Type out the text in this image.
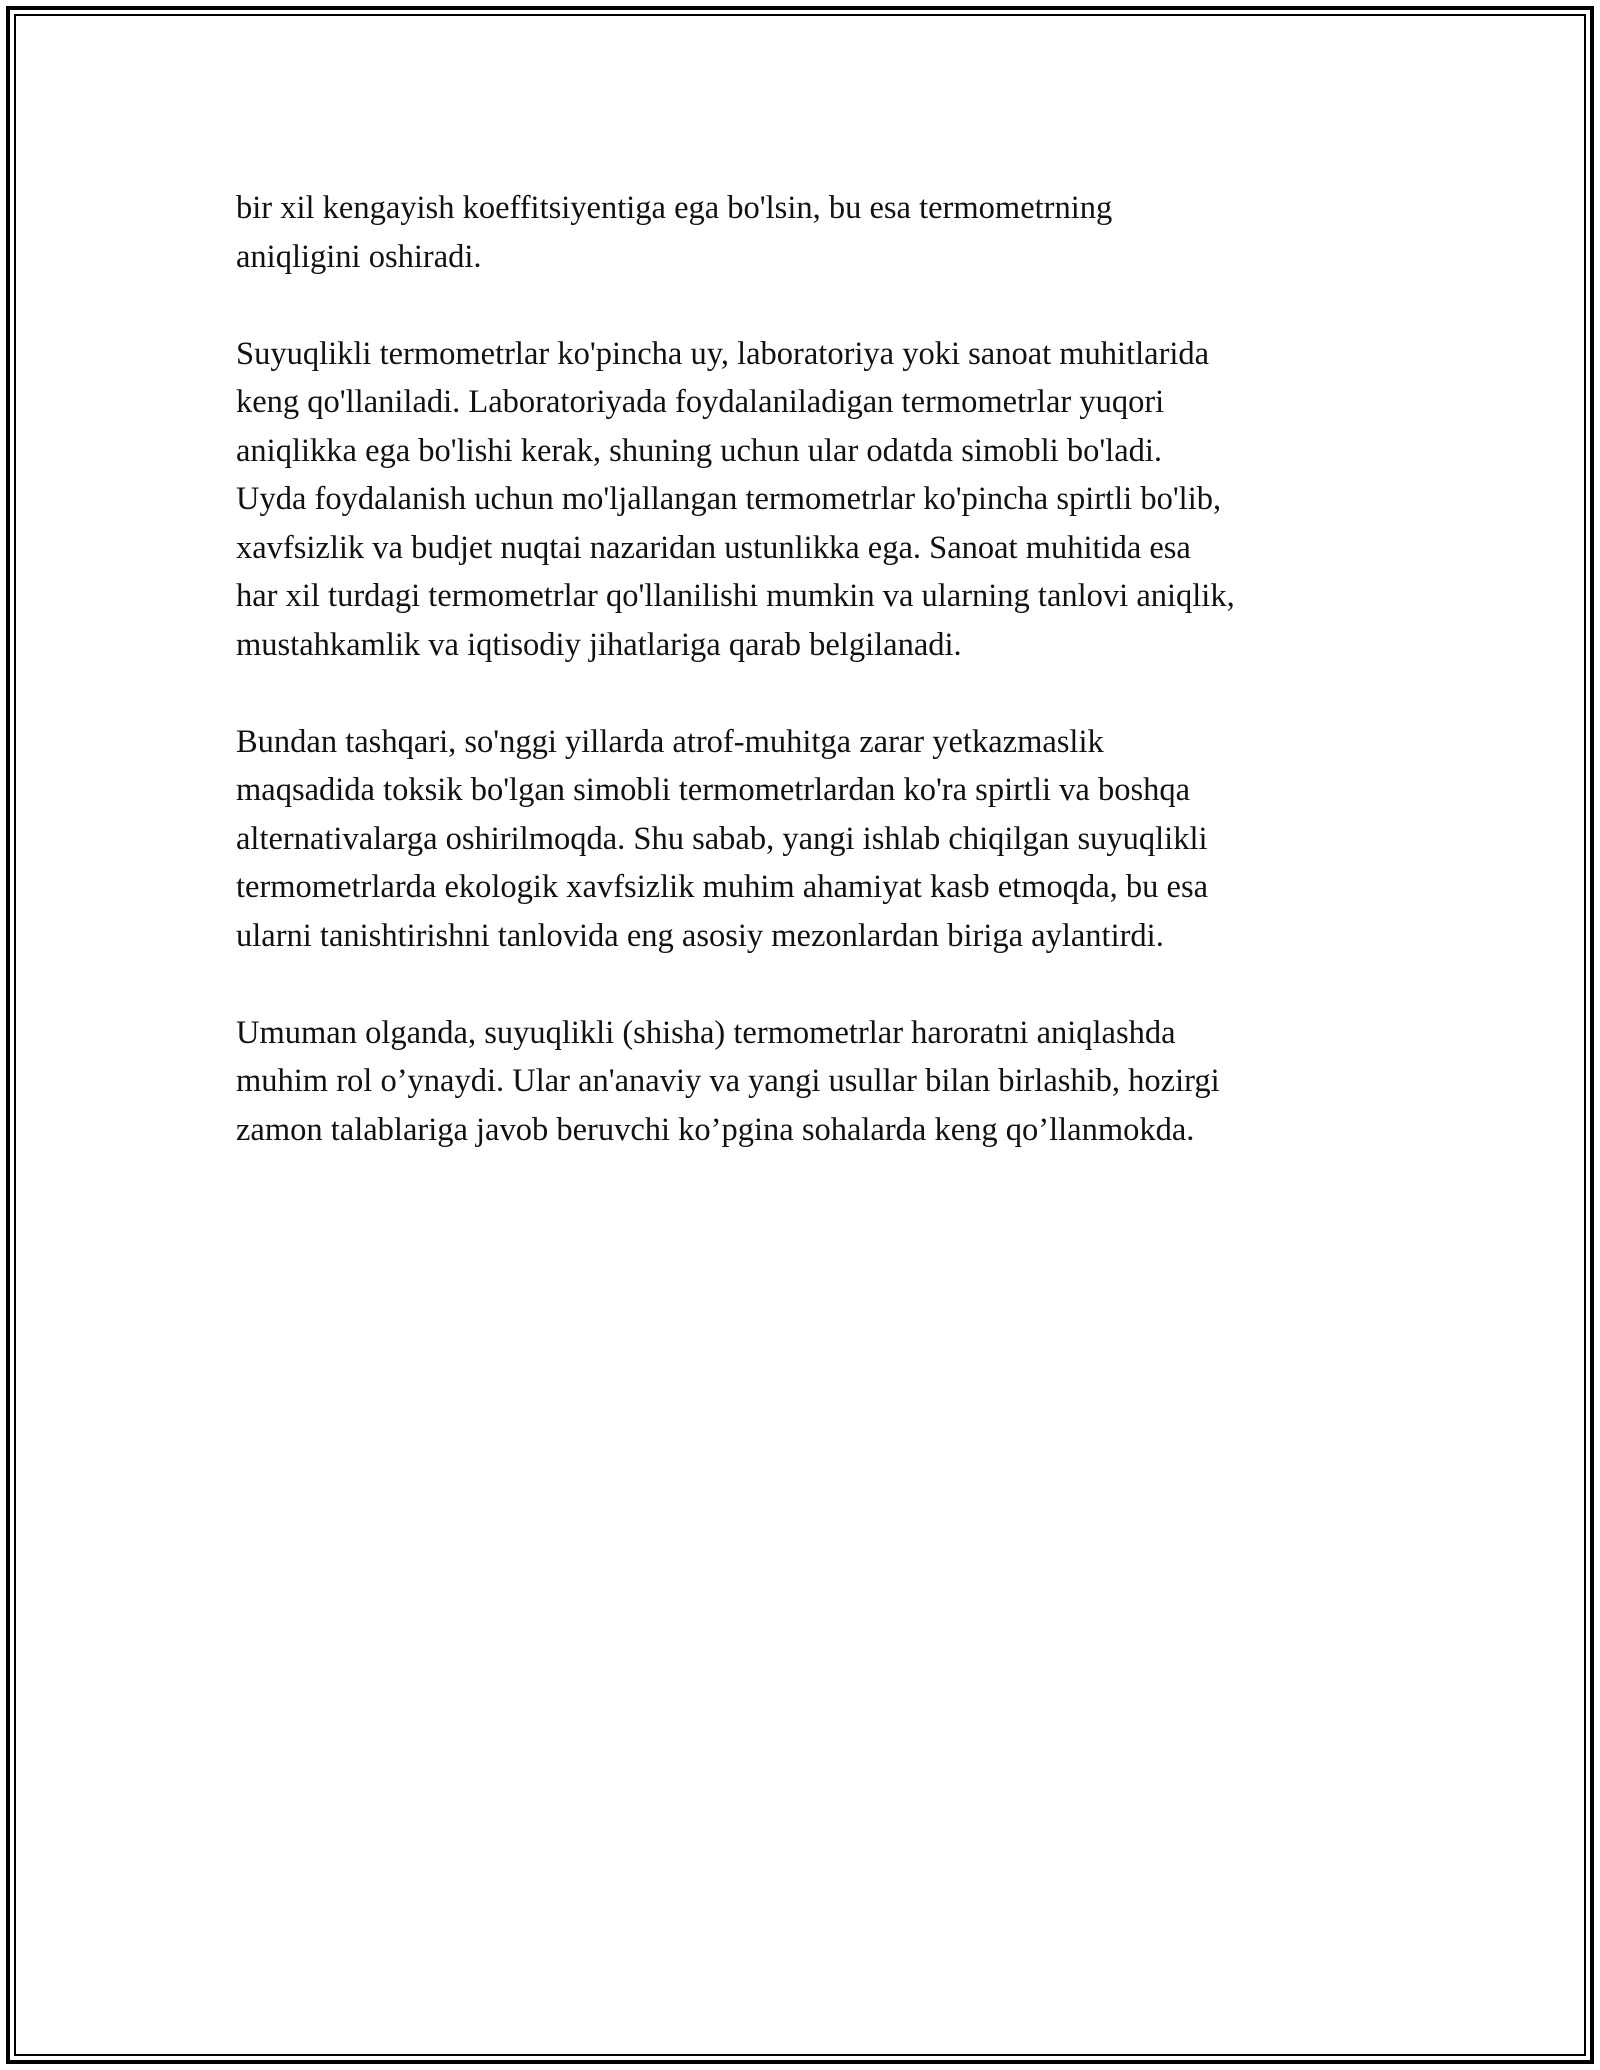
bir xil kengayish koeffitsiyentiga ega bo'lsin, bu esa termometrning
aniqligini oshiradi.

Suyuqlikli termometrlar ko'pincha uy, laboratoriya yoki sanoat muhitlarida
keng qo'llaniladi. Laboratoriyada foydalaniladigan termometrlar yuqori
aniqlikka ega bo'lishi kerak, shuning uchun ular odatda simobli bo'ladi.
Uyda foydalanish uchun mo'ljallangan termometrlar ko'pincha spirtli bo'lib,
xavfsizlik va budjet nuqtai nazaridan ustunlikka ega. Sanoat muhitida esa
har xil turdagi termometrlar qo'llanilishi mumkin va ularning tanlovi aniqlik,
mustahkamlik va iqtisodiy jihatlariga qarab belgilanadi.

Bundan tashqari, so'nggi yillarda atrof-muhitga zarar yetkazmaslik
maqsadida toksik bo'lgan simobli termometrlardan ko'ra spirtli va boshqa
alternativalarga oshirilmoqda. Shu sabab, yangi ishlab chiqilgan suyuqlikli
termometrlarda ekologik xavfsizlik muhim ahamiyat kasb etmoqda, bu esa
ularni tanishtirishni tanlovida eng asosiy mezonlardan biriga aylantirdi.

Umuman olganda, suyuqlikli (shisha) termometrlar haroratni aniqlashda
muhim rol o’ynaydi. Ular an'anaviy va yangi usullar bilan birlashib, hozirgi
zamon talablariga javob beruvchi ko’pgina sohalarda keng qo’llanmokda.
